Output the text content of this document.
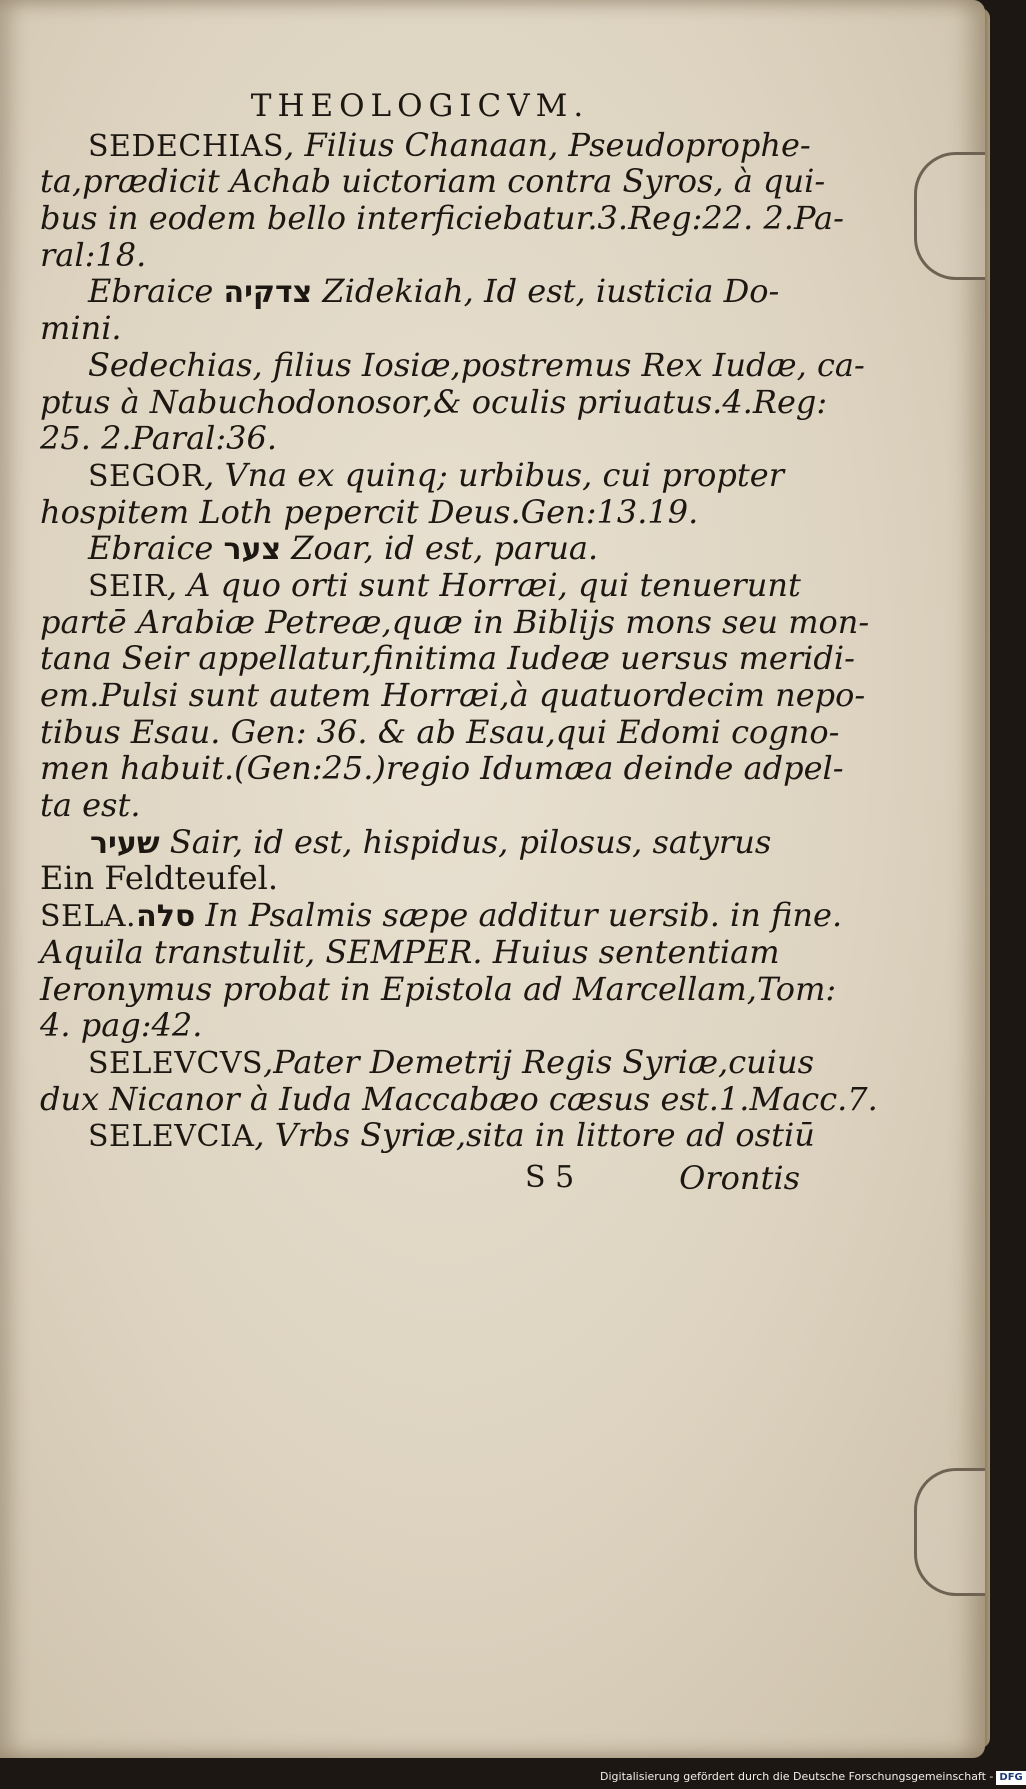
THEOLOGICVM.
SEDECHIAS, Filius Chanaan, Pseudoprophe-
ta,prædicit Achab uictoriam contra Syros, à qui-
bus in eodem bello interficiebatur.3.Reg:22. 2.Pa-
ral:18.
Ebraice צדקיה Zidekiah, Id est, iusticia Do-
mini.
Sedechias, filius Iosiæ,postremus Rex Iudæ, ca-
ptus à Nabuchodonosor,& oculis priuatus.4.Reg:
25. 2.Paral:36.
SEGOR, Vna ex quinq; urbibus, cui propter
hospitem Loth pepercit Deus.Gen:13.19.
Ebraice צער Zoar, id est, parua.
SEIR, A quo orti sunt Horræi, qui tenuerunt
partē Arabiæ Petreæ,quæ in Biblijs mons seu mon-
tana Seir appellatur,finitima Iudeæ uersus meridi-
em.Pulsi sunt autem Horræi,à quatuordecim nepo-
tibus Esau. Gen: 36. & ab Esau,qui Edomi cogno-
men habuit.(Gen:25.)regio Idumæa deinde adpel-
ta est.
שעיר Sair, id est, hispidus, pilosus, satyrus
Ein Feldteufel.
SELA.סלה In Psalmis sæpe additur uersib. in fine.
Aquila transtulit, SEMPER. Huius sententiam
Ieronymus probat in Epistola ad Marcellam,Tom:
4. pag:42.
SELEVCVS,Pater Demetrij Regis Syriæ,cuius
dux Nicanor à Iuda Maccabæo cæsus est.1.Macc.7.
SELEVCIA, Vrbs Syriæ,sita in littore ad ostiū
S 5	Orontis
Digitalisierung gefördert durch die Deutsche Forschungsgemeinschaft - DFG
